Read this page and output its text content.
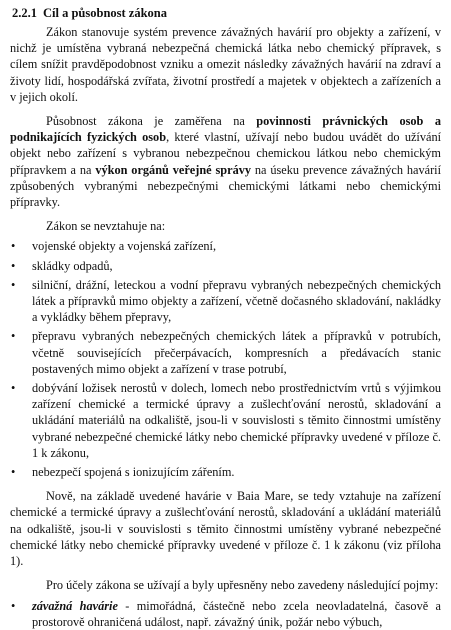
2.2.1 Cíl a působnost zákona

Zákon stanovuje systém prevence závažných havárií pro objekty a zařízení, v nichž je umístěna vybraná nebezpečná chemická látka nebo chemický přípravek, s cílem snížit pravděpodobnost vzniku a omezit následky závažných havárií na zdraví a životy lidí, hospodářská zvířata, životní prostředí a majetek v objektech a zařízeních a v jejich okolí.

Působnost zákona je zaměřena na povinnosti právnických osob a podnikajících fyzických osob, které vlastní, užívají nebo budou uvádět do užívání objekt nebo zařízení s vybranou nebezpečnou chemickou látkou nebo chemickým přípravkem a na výkon orgánů veřejné správy na úseku prevence závažných havárií způsobených vybranými nebezpečnými chemickými látkami nebo chemickými přípravky.

Zákon se nevztahuje na:

• vojenské objekty a vojenská zařízení,
• skládky odpadů,
• silniční, drážní, leteckou a vodní přepravu vybraných nebezpečných chemických látek a přípravků mimo objekty a zařízení, včetně dočasného skladování, nakládky a vykládky během přepravy,
• přepravu vybraných nebezpečných chemických látek a přípravků v potrubích, včetně souvisejících přečerpávacích, kompresních a předávacích stanic postavených mimo objekt a zařízení v trase potrubí,
• dobývání ložisek nerostů v dolech, lomech nebo prostřednictvím vrtů s výjimkou zařízení chemické a termické úpravy a zušlechťování nerostů, skladování a ukládání materiálů na odkaliště, jsou-li v souvislosti s těmito činnostmi umístěny vybrané nebezpečné chemické látky nebo chemické přípravky uvedené v příloze č. 1 k zákonu,
• nebezpečí spojená s ionizujícím zářením.

Nově, na základě uvedené havárie v Baia Mare, se tedy vztahuje na zařízení chemické a termické úpravy a zušlechťování nerostů, skladování a ukládání materiálů na odkaliště, jsou-li v souvislosti s těmito činnostmi umístěny vybrané nebezpečné chemické látky nebo chemické přípravky uvedené v příloze č. 1 k zákonu (viz příloha 1).

Pro účely zákona se užívají a byly upřesněny nebo zavedeny následující pojmy:

• závažná havárie - mimořádná, částečně nebo zcela neovladatelná, časově a prostorově ohraničená událost, např. závažný únik, požár nebo výbuch,
